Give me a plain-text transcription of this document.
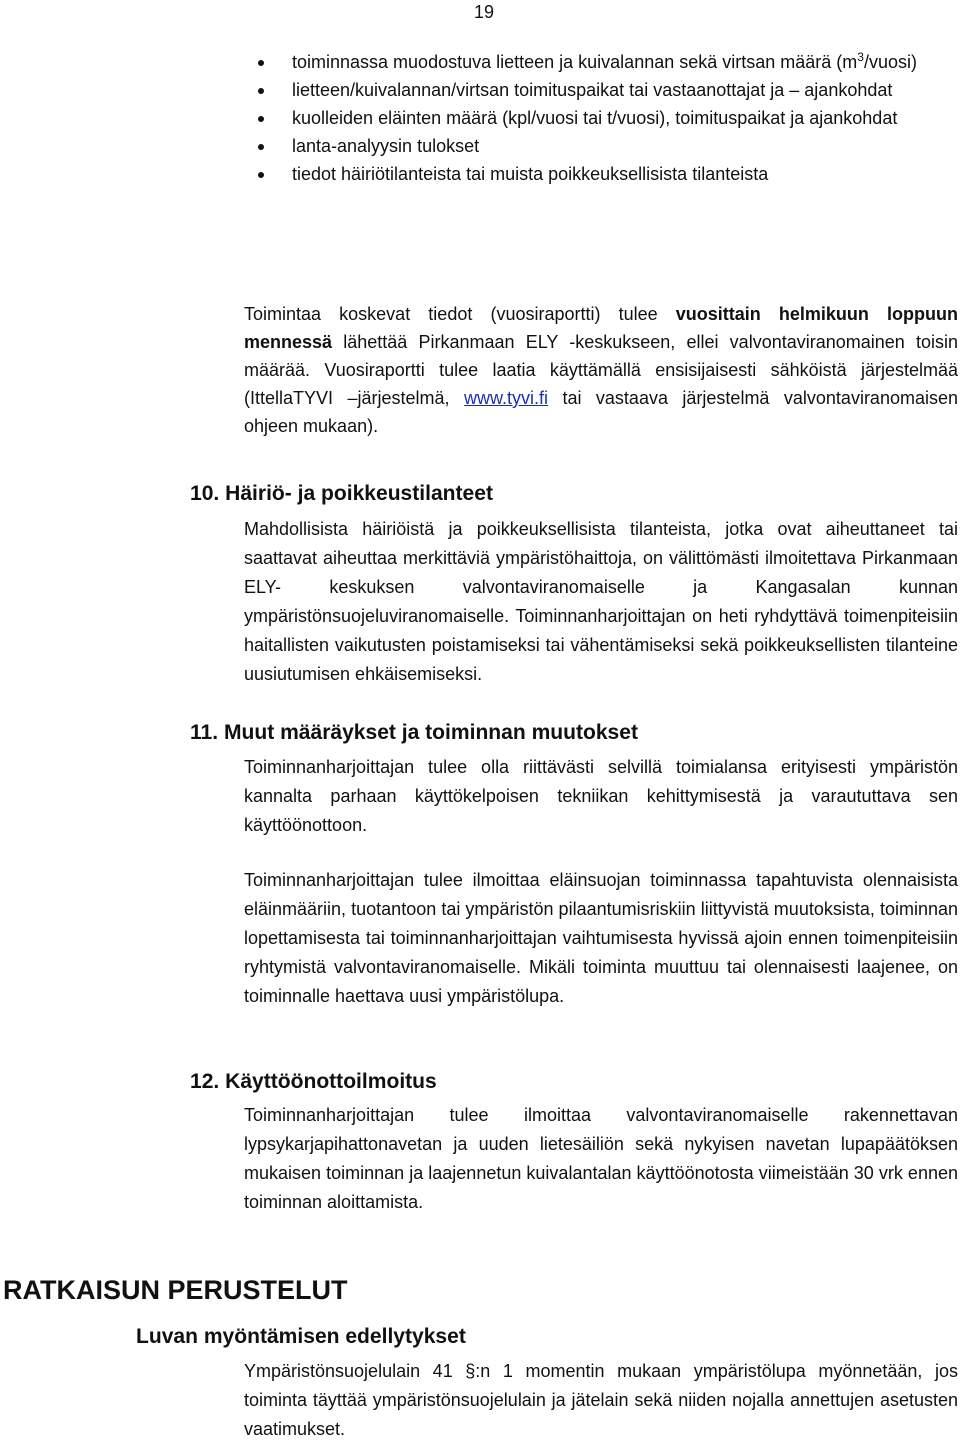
19
toiminnassa muodostuva lietteen ja kuivalannan sekä virtsan määrä $(m^3/vuosi)$
lietteen/kuivalannan/virtsan toimituspaikat tai vastaanottajat ja – ajankohdat
kuolleiden eläinten määrä (kpl/vuosi tai t/vuosi), toimituspaikat ja ajankohdat
lanta-analyysin tulokset
tiedot häiriötilanteista tai muista poikkeuksellisista tilanteista

Toimintaa koskevat tiedot (vuosiraportti) tulee vuosittain helmikuun loppuun mennessä lähettää Pirkanmaan ELY -keskukseen, ellei valvontaviranomainen toisin määrää. Vuosiraportti tulee laatia käyttämällä ensisijaisesti sähköistä järjestelmää (IttellaTYVI –järjestelmä, www.tyvi.fi tai vastaava järjestelmä valvontaviranomaisen ohjeen mukaan).

10. Häiriö- ja poikkeustilanteet

Mahdollisista häiriöistä ja poikkeuksellisista tilanteista, jotka ovat aiheuttaneet tai saattavat aiheuttaa merkittäviä ympäristöhaittoja, on välittömästi ilmoitettava Pirkanmaan ELY- keskuksen valvontaviranomaiselle ja Kangasalan kunnan ympäristönsuojeluviranomaiselle. Toiminnanharjoittajan on heti ryhdyttävä toimenpiteisiin haitallisten vaikutusten poistamiseksi tai vähentämiseksi sekä poikkeuksellisten tilanteine uusiutumisen ehkäisemiseksi.

11. Muut määräykset ja toiminnan muutokset

Toiminnanharjoittajan tulee olla riittävästi selvillä toimialansa erityisesti ympäristön kannalta parhaan käyttökelpoisen tekniikan kehittymisestä ja varaututtava sen käyttöönottoon.

Toiminnanharjoittajan tulee ilmoittaa eläinsuojan toiminnassa tapahtuvista olennaisista eläinmääriin, tuotantoon tai ympäristön pilaantumisriskiin liittyvistä muutoksista, toiminnan lopettamisesta tai toiminnanharjoittajan vaihtumisesta hyvissä ajoin ennen toimenpiteisiin ryhtymistä valvontaviranomaiselle. Mikäli toiminta muuttuu tai olennaisesti laajenee, on toiminnalle haettava uusi ympäristölupa.

12. Käyttöönottoilmoitus

Toiminnanharjoittajan tulee ilmoittaa valvontaviranomaiselle rakennettavan lypsykarjapihattonavetan ja uuden lietesäiliön sekä nykyisen navetan lupapäätöksen mukaisen toiminnan ja laajennetun kuivalantalan käyttöönotosta viimeistään 30 vrk ennen toiminnan aloittamista.

RATKAISUN PERUSTELUT
Luvan myöntämisen edellytykset

Ympäristönsuojelulain 41 §:n 1 momentin mukaan ympäristölupa myönnetään, jos toiminta täyttää ympäristönsuojelulain ja jätelain sekä niiden nojalla annettujen asetusten vaatimukset.
